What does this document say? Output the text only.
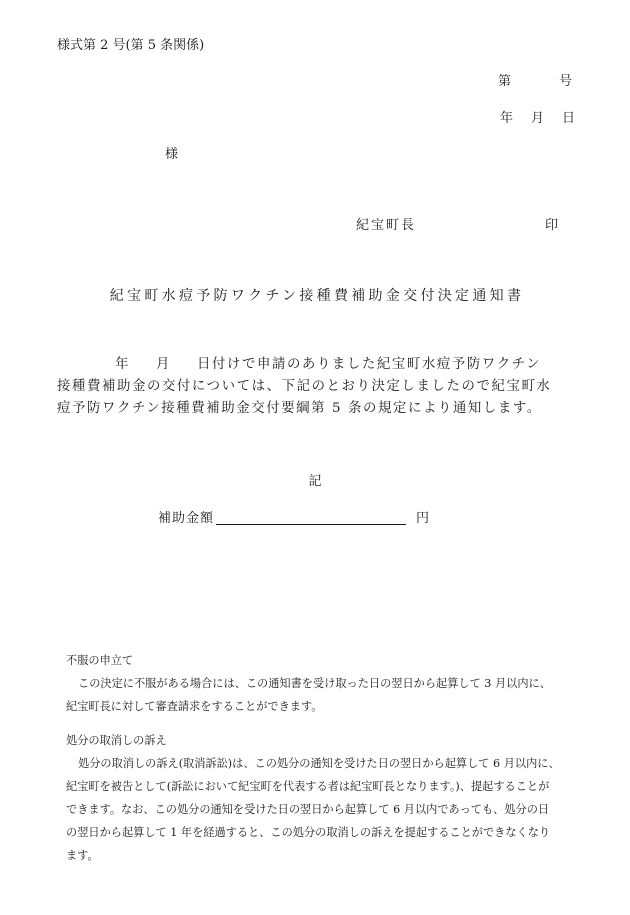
様式第 2 号(第 5 条関係)
第	号
年 月 日
様
紀宝町長	印
紀宝町水痘予防ワクチン接種費補助金交付決定通知書
年 月 日付けで申請のありました紀宝町水痘予防ワクチン
接種費補助金の交付については、下記のとおり決定しましたので紀宝町水
痘予防ワクチン接種費補助金交付要綱第 5 条の規定により通知します。
記
補助金額	円
不服の申立て
この決定に不服がある場合には、この通知書を受け取った日の翌日から起算して 3 月以内に、
紀宝町長に対して審査請求をすることができます。
処分の取消しの訴え
処分の取消しの訴え(取消訴訟)は、この処分の通知を受けた日の翌日から起算して 6 月以内に、
紀宝町を被告として(訴訟において紀宝町を代表する者は紀宝町長となります。)、提起することが
できます。なお、この処分の通知を受けた日の翌日から起算して 6 月以内であっても、処分の日
の翌日から起算して 1 年を経過すると、この処分の取消しの訴えを提起することができなくなり
ます。
